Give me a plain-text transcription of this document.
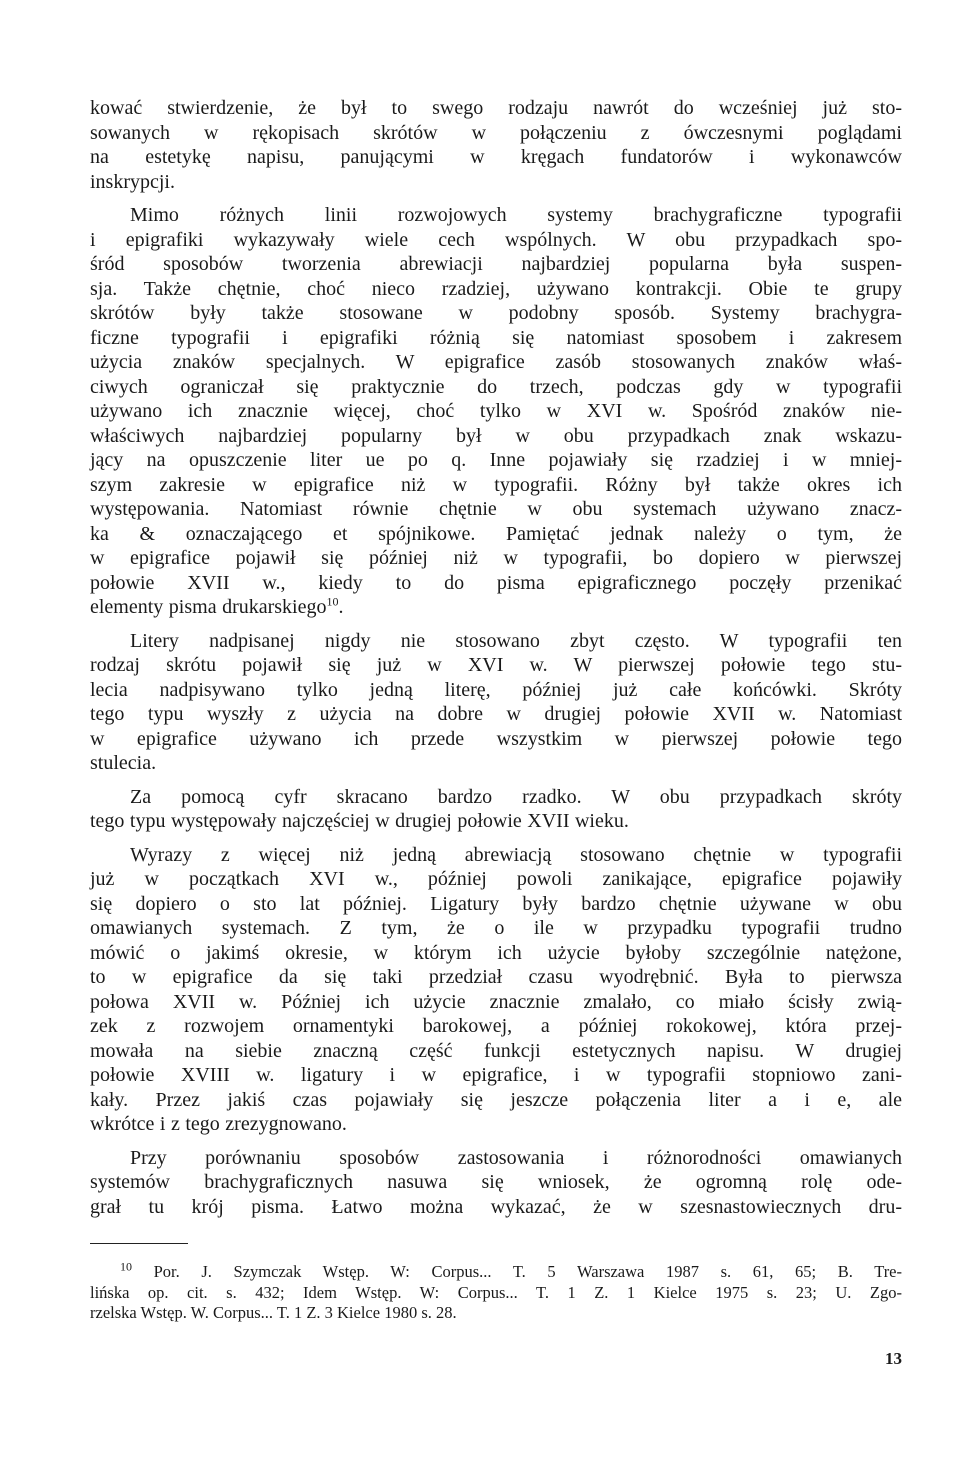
kować stwierdzenie, że był to swego rodzaju nawrót do wcześniej już sto-
sowanych w rękopisach skrótów w połączeniu z ówczesnymi poglądami
na estetykę napisu, panującymi w kręgach fundatorów i wykonawców
inskrypcji.
Mimo różnych linii rozwojowych systemy brachygraficzne typografii
i epigrafiki wykazywały wiele cech wspólnych. W obu przypadkach spo-
śród sposobów tworzenia abrewiacji najbardziej popularna była suspen-
sja. Także chętnie, choć nieco rzadziej, używano kontrakcji. Obie te grupy
skrótów były także stosowane w podobny sposób. Systemy brachygra-
ficzne typografii i epigrafiki różnią się natomiast sposobem i zakresem
użycia znaków specjalnych. W epigrafice zasób stosowanych znaków właś-
ciwych ograniczał się praktycznie do trzech, podczas gdy w typografii
używano ich znacznie więcej, choć tylko w XVI w. Spośród znaków nie-
właściwych najbardziej popularny był w obu przypadkach znak wskazu-
jący na opuszczenie liter ue po q. Inne pojawiały się rzadziej i w mniej-
szym zakresie w epigrafice niż w typografii. Różny był także okres ich
występowania. Natomiast równie chętnie w obu systemach używano znacz-
ka & oznaczającego et spójnikowe. Pamiętać jednak należy o tym, że
w epigrafice pojawił się później niż w typografii, bo dopiero w pierwszej
połowie XVII w., kiedy to do pisma epigraficznego poczęły przenikać
elementy pisma drukarskiego$^{10}$.
Litery nadpisanej nigdy nie stosowano zbyt często. W typografii ten
rodzaj skrótu pojawił się już w XVI w. W pierwszej połowie tego stu-
lecia nadpisywano tylko jedną literę, później już całe końcówki. Skróty
tego typu wyszły z użycia na dobre w drugiej połowie XVII w. Natomiast
w epigrafice używano ich przede wszystkim w pierwszej połowie tego
stulecia.
Za pomocą cyfr skracano bardzo rzadko. W obu przypadkach skróty
tego typu występowały najczęściej w drugiej połowie XVII wieku.
Wyrazy z więcej niż jedną abrewiacją stosowano chętnie w typografii
już w początkach XVI w., później powoli zanikające, epigrafice pojawiły
się dopiero o sto lat później. Ligatury były bardzo chętnie używane w obu
omawianych systemach. Z tym, że o ile w przypadku typografii trudno
mówić o jakimś okresie, w którym ich użycie byłoby szczególnie natężone,
to w epigrafice da się taki przedział czasu wyodrębnić. Była to pierwsza
połowa XVII w. Później ich użycie znacznie zmalało, co miało ścisły zwią-
zek z rozwojem ornamentyki barokowej, a później rokokowej, która przej-
mowała na siebie znaczną część funkcji estetycznych napisu. W drugiej
połowie XVIII w. ligatury i w epigrafice, i w typografii stopniowo zani-
kały. Przez jakiś czas pojawiały się jeszcze połączenia liter a i e, ale
wkrótce i z tego zrezygnowano.
Przy porównaniu sposobów zastosowania i różnorodności omawianych
systemów brachygraficznych nasuwa się wniosek, że ogromną rolę ode-
grał tu krój pisma. Łatwo można wykazać, że w szesnastowiecznych dru-
$^{10}$ Por. J. Szymczak Wstęp. W: Corpus... T. 5 Warszawa 1987 s. 61, 65; B. Tre-
lińska op. cit. s. 432; Idem Wstęp. W: Corpus... T. 1 Z. 1 Kielce 1975 s. 23; U. Zgo-
rzelska Wstęp. W. Corpus... T. 1 Z. 3 Kielce 1980 s. 28.
13
